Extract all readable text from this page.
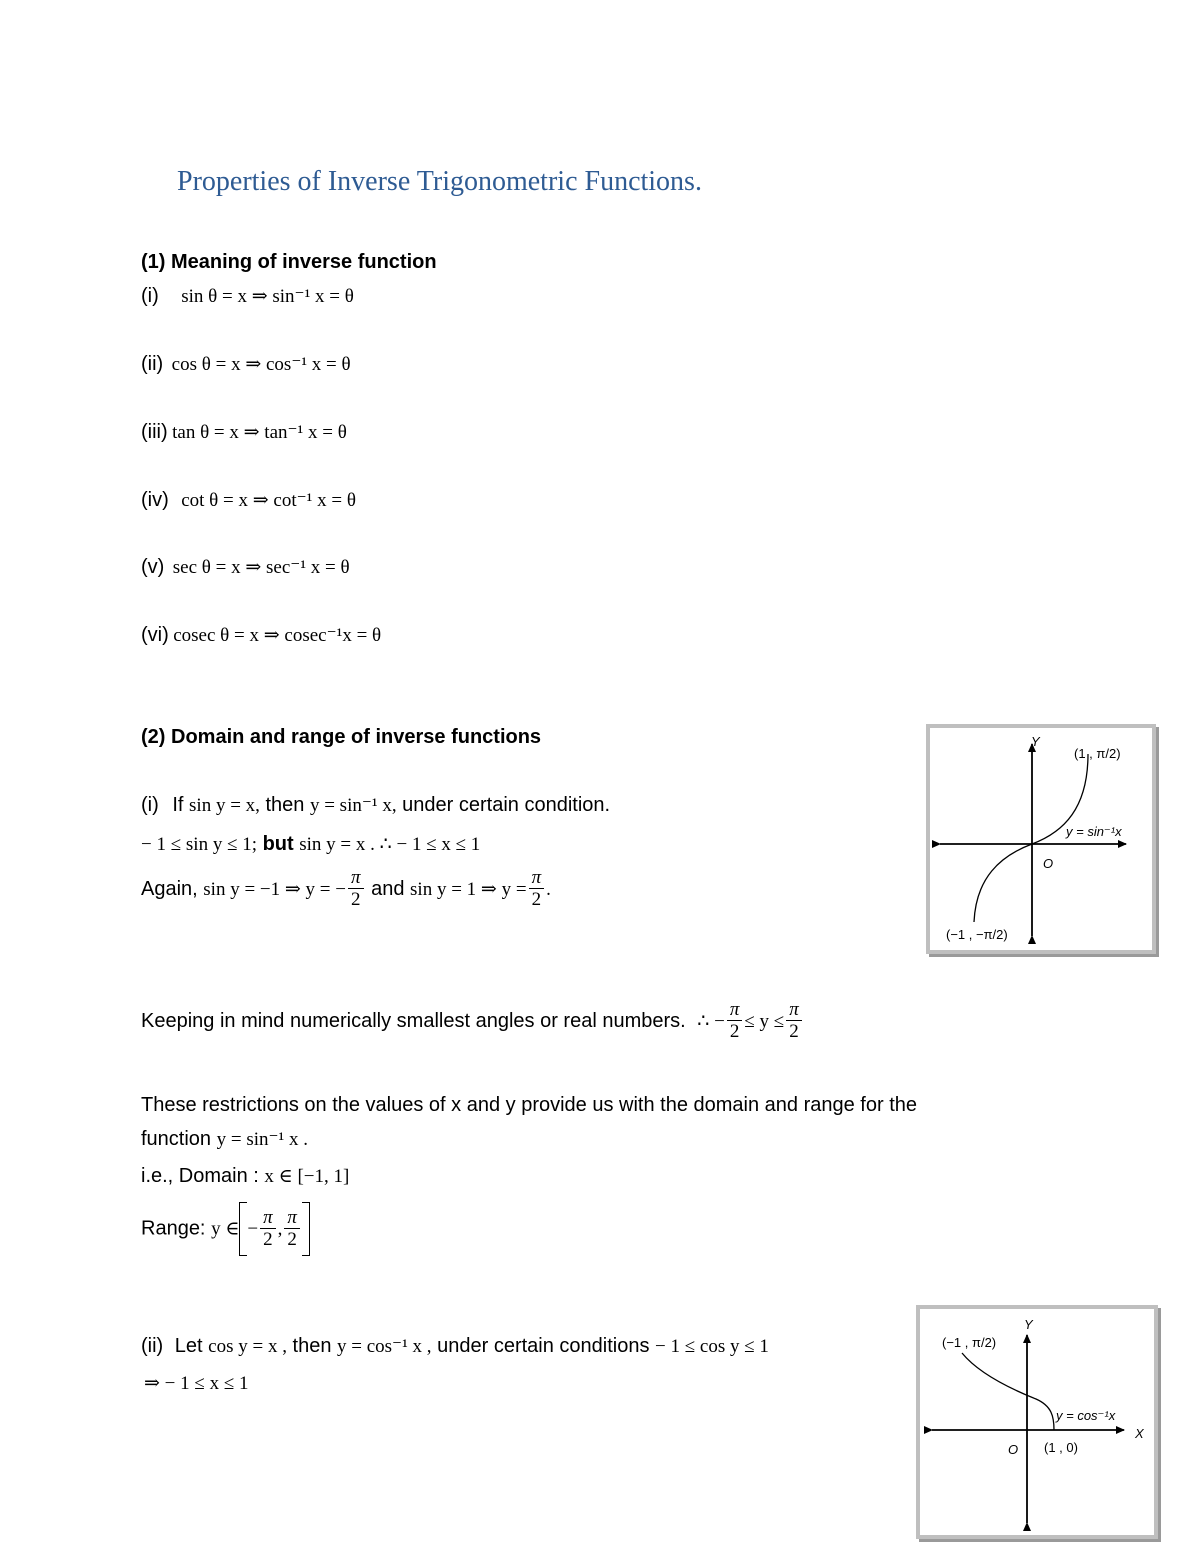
Properties of Inverse Trigonometric Functions.
(1) Meaning of inverse function
(i) sin θ = x ⇒ sin⁻¹ x = θ
(ii) cos θ = x ⇒ cos⁻¹ x = θ
(iii) tan θ = x ⇒ tan⁻¹ x = θ
(iv) cot θ = x ⇒ cot⁻¹ x = θ
(v) sec θ = x ⇒ sec⁻¹ x = θ
(vi) cosec θ = x ⇒ cosec⁻¹x = θ
(2) Domain and range of inverse functions
(i) If sin y = x, then y = sin⁻¹ x, under certain condition.
− 1 ≤ sin y ≤ 1; but sin y = x . ∴ − 1 ≤ x ≤ 1
Again, sin y = −1 ⇒ y = − $\frac{\pi}{2}$ and sin y = 1 ⇒ $y = \frac{\pi}{2}$ .
Keeping in mind numerically smallest angles or real numbers. ∴ − $\frac{\pi}{2} \le y \le \frac{\pi}{2}$
These restrictions on the values of x and y provide us with the domain and range for the
function y = sin⁻¹ x .
i.e., Domain : x ∈ [−1, 1]
Range: y ∈ − $\frac{\pi}{2}$ , $\frac{\pi}{2}$
(ii) Let cos y = x , then y = cos⁻¹ x , under certain conditions − 1 ≤ cos y ≤ 1
⇒ − 1 ≤ x ≤ 1
Y
(1 , π/2)
y = sin⁻¹x
O
(−1 , −π/2)
Y
(−1 , π/2)
y = cos⁻¹x
X
O (1 , 0)
